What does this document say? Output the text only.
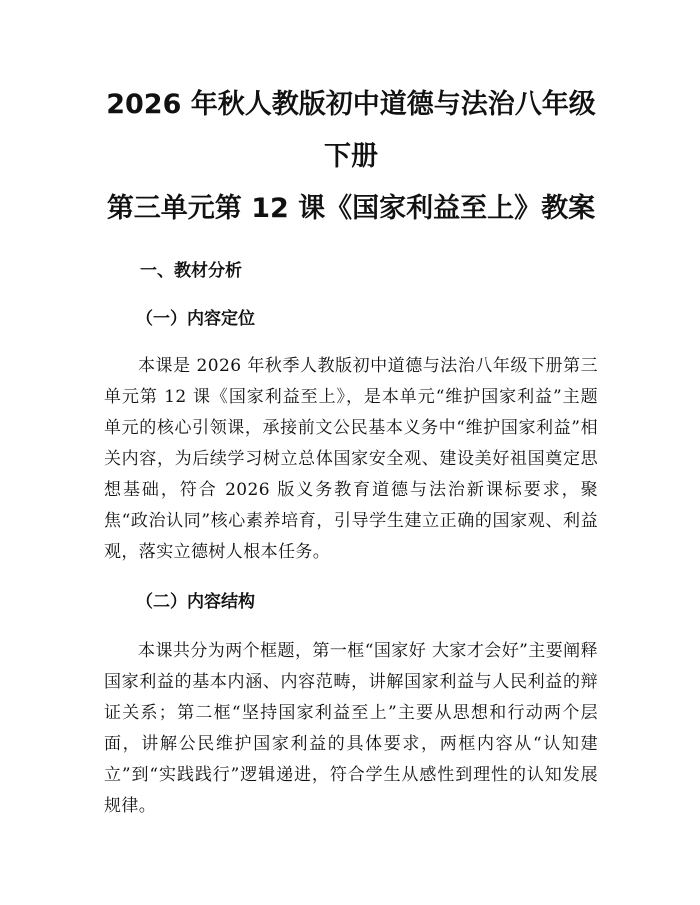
2026 年秋人教版初中道德与法治八年级下册
第三单元第 12 课《国家利益至上》教案
一、教材分析
（一）内容定位

本课是 2026 年秋季人教版初中道德与法治八年级下册第三单元第 12 课《国家利益至上》，是本单元“维护国家利益”主题单元的核心引领课，承接前文公民基本义务中“维护国家利益”相关内容，为后续学习树立总体国家安全观、建设美好祖国奠定思想基础，符合 2026 版义务教育道德与法治新课标要求，聚焦“政治认同”核心素养培育，引导学生建立正确的国家观、利益观，落实立德树人根本任务。

（二）内容结构

本课共分为两个框题，第一框“国家好 大家才会好”主要阐释国家利益的基本内涵、内容范畴，讲解国家利益与人民利益的辩证关系；第二框“坚持国家利益至上”主要从思想和行动两个层面，讲解公民维护国家利益的具体要求，两框内容从“认知建立”到“实践践行”逻辑递进，符合学生从感性到理性的认知发展规律。
